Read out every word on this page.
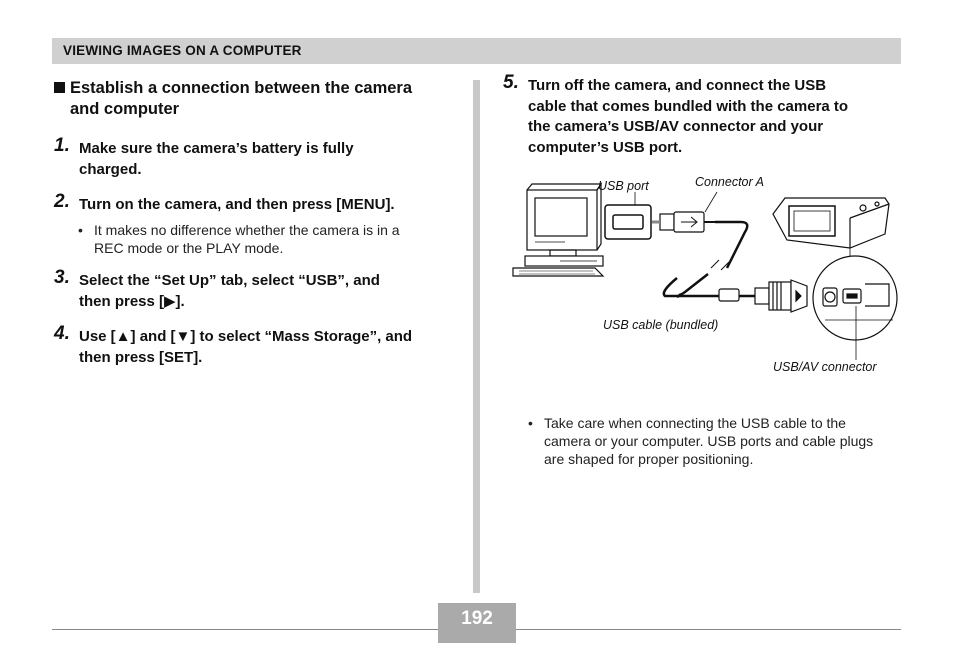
VIEWING IMAGES ON A COMPUTER
Establish a connection between the camera
and computer
1. Make sure the camera’s battery is fully
charged.
2. Turn on the camera, and then press [MENU].
• It makes no difference whether the camera is in a
REC mode or the PLAY mode.
3. Select the “Set Up” tab, select “USB”, and
then press [▶].
4. Use [▲] and [▼] to select “Mass Storage”, and
then press [SET].
5. Turn off the camera, and connect the USB
cable that comes bundled with the camera to
the camera’s USB/AV connector and your
computer’s USB port.
USB port	Connector A
USB cable (bundled)
USB/AV connector
• Take care when connecting the USB cable to the
camera or your computer. USB ports and cable plugs
are shaped for proper positioning.
192
